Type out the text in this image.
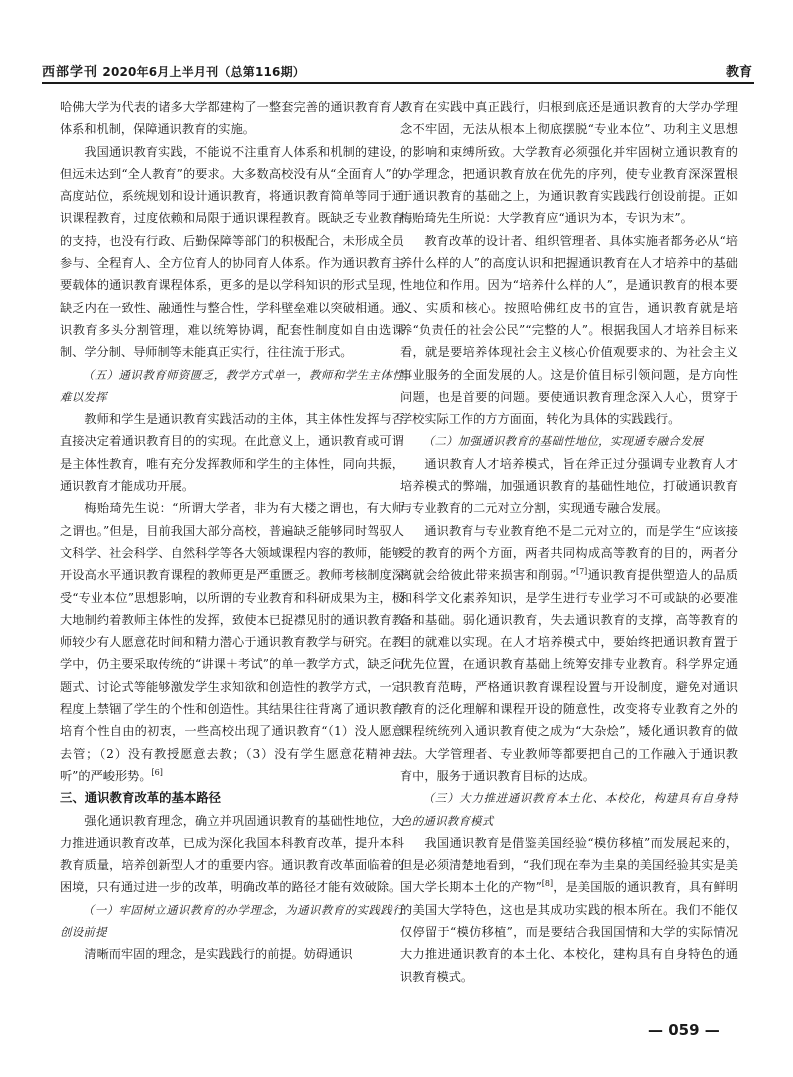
西部学刊 2020年6月上半月刊（总第116期）	教育

哈佛大学为代表的诸多大学都建构了一整套完善的通识教育育人体系和机制，保障通识教育的实施。

我国通识教育实践，不能说不注重育人体系和机制的建设，但远未达到“全人教育”的要求。大多数高校没有从“全面育人”的高度站位，系统规划和设计通识教育，将通识教育简单等同于通识课程教育，过度依赖和局限于通识课程教育。既缺乏专业教育的支持，也没有行政、后勤保障等部门的积极配合，未形成全员参与、全程育人、全方位育人的协同育人体系。作为通识教育主要载体的通识教育课程体系，更多的是以学科知识的形式呈现，缺乏内在一致性、融通性与整合性，学科壁垒难以突破相通。通识教育多头分割管理，难以统筹协调，配套性制度如自由选课制、学分制、导师制等未能真正实行，往往流于形式。

（五）通识教育师资匮乏，教学方式单一，教师和学生主体性难以发挥

教师和学生是通识教育实践活动的主体，其主体性发挥与否直接决定着通识教育目的的实现。在此意义上，通识教育或可谓是主体性教育，唯有充分发挥教师和学生的主体性，同向共振，通识教育才能成功开展。

梅贻琦先生说：“所谓大学者，非为有大楼之谓也，有大师之谓也。”但是，目前我国大部分高校，普遍缺乏能够同时驾驭人文科学、社会科学、自然科学等各大领域课程内容的教师，能够开设高水平通识教育课程的教师更是严重匮乏。教师考核制度深受“专业本位”思想影响，以所谓的专业教育和科研成果为主，极大地制约着教师主体性的发挥，致使本已捉襟见肘的通识教育教师较少有人愿意花时间和精力潜心于通识教育教学与研究。在教学中，仍主要采取传统的“讲课＋考试”的单一教学方式，缺乏问题式、讨论式等能够激发学生求知欲和创造性的教学方式，一定程度上禁锢了学生的个性和创造性。其结果往往背离了通识教育培育个性自由的初衷，一些高校出现了通识教育“（1）没人愿意去管；（2）没有教授愿意去教；（3）没有学生愿意花精神去听”的严峻形势。[6]

三、通识教育改革的基本路径

强化通识教育理念，确立并巩固通识教育的基础性地位，大力推进通识教育改革，已成为深化我国本科教育改革，提升本科教育质量，培养创新型人才的重要内容。通识教育改革面临着的困境，只有通过进一步的改革，明确改革的路径才能有效破除。

（一）牢固树立通识教育的办学理念，为通识教育的实践践行创设前提

清晰而牢固的理念，是实践践行的前提。妨碍通识

教育在实践中真正践行，归根到底还是通识教育的大学办学理念不牢固，无法从根本上彻底摆脱“专业本位”、功利主义思想的影响和束缚所致。大学教育必须强化并牢固树立通识教育的办学理念，把通识教育放在优先的序列，使专业教育深深置根于通识教育的基础之上，为通识教育实践践行创设前提。正如梅贻琦先生所说：大学教育应“通识为本，专识为末”。

教育改革的设计者、组织管理者、具体实施者都务必从“培养什么样的人”的高度认识和把握通识教育在人才培养中的基础性地位和作用。因为“培养什么样的人”，是通识教育的根本要义、实质和核心。按照哈佛红皮书的宣告，通识教育就是培养“负责任的社会公民”“完整的人”。根据我国人才培养目标来看，就是要培养体现社会主义核心价值观要求的、为社会主义事业服务的全面发展的人。这是价值目标引领问题，是方向性问题，也是首要的问题。要使通识教育理念深入人心，贯穿于学校实际工作的方方面面，转化为具体的实践践行。

（二）加强通识教育的基础性地位，实现通专融合发展

通识教育人才培养模式，旨在斧正过分强调专业教育人才培养模式的弊端，加强通识教育的基础性地位，打破通识教育与专业教育的二元对立分割，实现通专融合发展。

通识教育与专业教育绝不是二元对立的，而是学生“应该接受的教育的两个方面，两者共同构成高等教育的目的，两者分离就会给彼此带来损害和削弱。”[7]通识教育提供塑造人的品质和科学文化素养知识，是学生进行专业学习不可或缺的必要准备和基础。弱化通识教育，失去通识教育的支撑，高等教育的目的就难以实现。在人才培养模式中，要始终把通识教育置于优先位置，在通识教育基础上统筹安排专业教育。科学界定通识教育范畴，严格通识教育课程设置与开设制度，避免对通识教育的泛化理解和课程开设的随意性，改变将专业教育之外的课程统统列入通识教育使之成为“大杂烩”，矮化通识教育的做法。大学管理者、专业教师等都要把自己的工作融入于通识教育中，服务于通识教育目标的达成。

（三）大力推进通识教育本土化、本校化，构建具有自身特色的通识教育模式

我国通识教育是借鉴美国经验“模仿移植”而发展起来的，但是必须清楚地看到，“我们现在奉为圭臬的美国经验其实是美国大学长期本土化的产物”[8]，是美国版的通识教育，具有鲜明的美国大学特色，这也是其成功实践的根本所在。我们不能仅仅停留于“模仿移植”，而是要结合我国国情和大学的实际情况大力推进通识教育的本土化、本校化，建构具有自身特色的通识教育模式。

— 059 —
